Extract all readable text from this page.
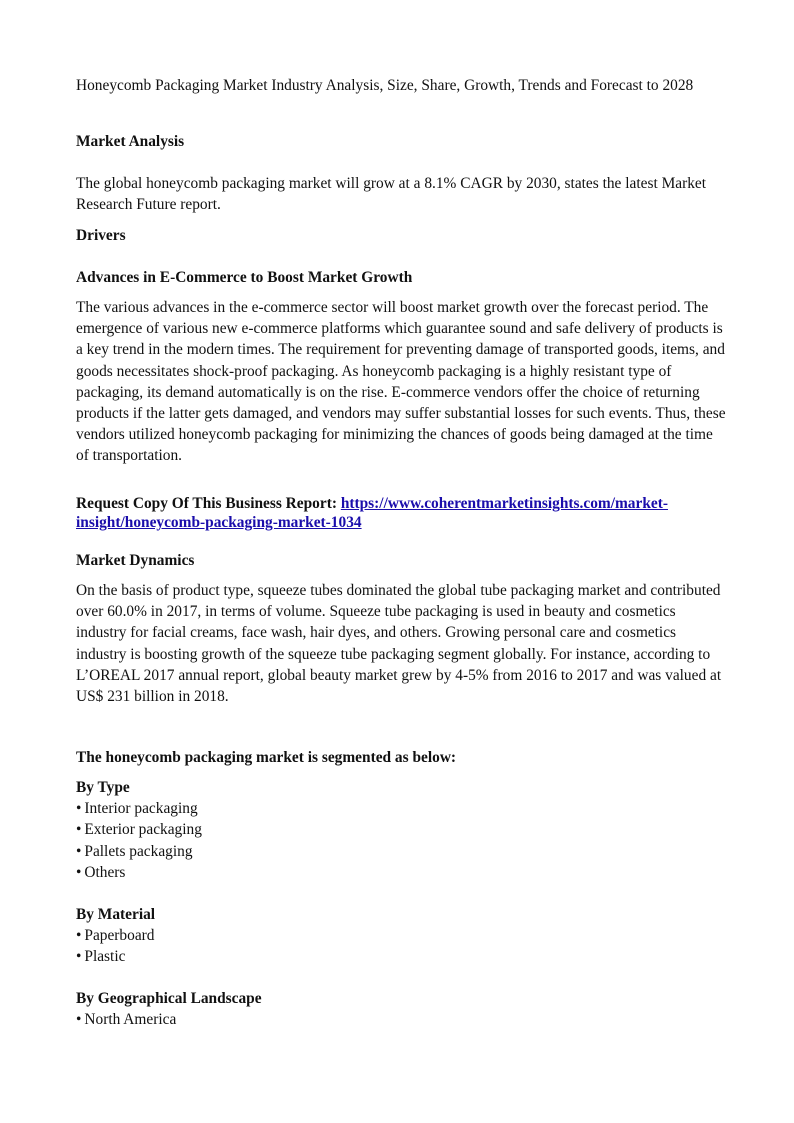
Honeycomb Packaging Market Industry Analysis, Size, Share, Growth, Trends and Forecast to 2028

Market Analysis

The global honeycomb packaging market will grow at a 8.1% CAGR by 2030, states the latest Market Research Future report.

Drivers

Advances in E-Commerce to Boost Market Growth

The various advances in the e-commerce sector will boost market growth over the forecast period. The emergence of various new e-commerce platforms which guarantee sound and safe delivery of products is a key trend in the modern times. The requirement for preventing damage of transported goods, items, and goods necessitates shock-proof packaging. As honeycomb packaging is a highly resistant type of packaging, its demand automatically is on the rise. E-commerce vendors offer the choice of returning products if the latter gets damaged, and vendors may suffer substantial losses for such events. Thus, these vendors utilized honeycomb packaging for minimizing the chances of goods being damaged at the time of transportation.

Request Copy Of This Business Report: https://www.coherentmarketinsights.com/market-insight/honeycomb-packaging-market-1034

Market Dynamics

On the basis of product type, squeeze tubes dominated the global tube packaging market and contributed over 60.0% in 2017, in terms of volume. Squeeze tube packaging is used in beauty and cosmetics industry for facial creams, face wash, hair dyes, and others. Growing personal care and cosmetics industry is boosting growth of the squeeze tube packaging segment globally. For instance, according to L’OREAL 2017 annual report, global beauty market grew by 4-5% from 2016 to 2017 and was valued at US$ 231 billion in 2018.

The honeycomb packaging market is segmented as below:

By Type
• Interior packaging
• Exterior packaging
• Pallets packaging
• Others
By Material
• Paperboard
• Plastic
By Geographical Landscape
• North America
